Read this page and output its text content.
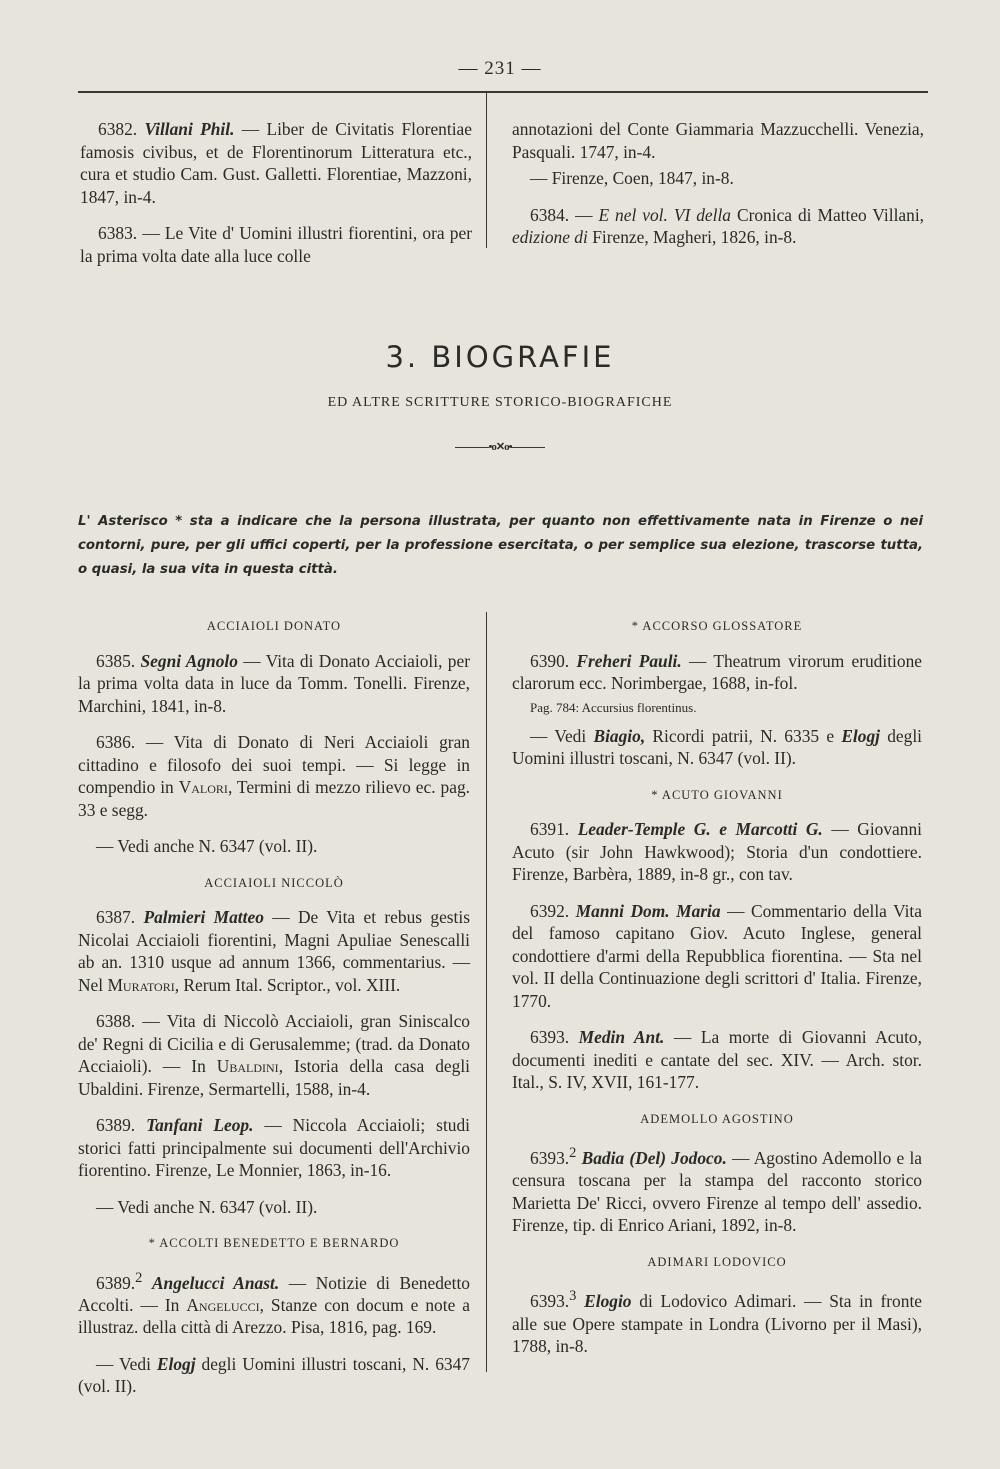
— 231 —

6382. Villani Phil. — Liber de Civitatis Florentiae famosis civibus, et de Florentinorum Litteratura etc., cura et studio Cam. Gust. Galletti. Florentiae, Mazzoni, 1847, in-4.

6383. — Le Vite d' Uomini illustri fiorentini, ora per la prima volta date alla luce colle

annotazioni del Conte Giammaria Mazzucchelli. Venezia, Pasquali. 1747, in-4.

— Firenze, Coen, 1847, in-8.

6384. — E nel vol. VI della Cronica di Matteo Villani, edizione di Firenze, Magheri, 1826, in-8.

3. BIOGRAFIE
ED ALTRE SCRITTURE STORICO-BIOGRAFICHE
•o✕o•
L' Asterisco * sta a indicare che la persona illustrata, per quanto non effettivamente nata in Firenze o nei contorni, pure, per gli uffici coperti, per la professione esercitata, o per semplice sua elezione, trascorse tutta, o quasi, la sua vita in questa città.
ACCIAIOLI DONATO

6385. Segni Agnolo — Vita di Donato Acciaioli, per la prima volta data in luce da Tomm. Tonelli. Firenze, Marchini, 1841, in-8.

6386. — Vita di Donato di Neri Acciaioli gran cittadino e filosofo dei suoi tempi. — Si legge in compendio in Valori, Termini di mezzo rilievo ec. pag. 33 e segg.

— Vedi anche N. 6347 (vol. II).

ACCIAIOLI NICCOLÒ

6387. Palmieri Matteo — De Vita et rebus gestis Nicolai Acciaioli fiorentini, Magni Apuliae Senescalli ab an. 1310 usque ad annum 1366, commentarius. — Nel Muratori, Rerum Ital. Scriptor., vol. XIII.

6388. — Vita di Niccolò Acciaioli, gran Siniscalco de' Regni di Cicilia e di Gerusalemme; (trad. da Donato Acciaioli). — In Ubaldini, Istoria della casa degli Ubaldini. Firenze, Sermartelli, 1588, in-4.

6389. Tanfani Leop. — Niccola Acciaioli; studi storici fatti principalmente sui documenti dell'Archivio fiorentino. Firenze, Le Monnier, 1863, in-16.

— Vedi anche N. 6347 (vol. II).

* ACCOLTI BENEDETTO E BERNARDO

6389.$^2$ Angelucci Anast. — Notizie di Benedetto Accolti. — In Angelucci, Stanze con docum e note a illustraz. della città di Arezzo. Pisa, 1816, pag. 169.

— Vedi Elogj degli Uomini illustri toscani, N. 6347 (vol. II).

* ACCORSO GLOSSATORE

6390. Freheri Pauli. — Theatrum virorum eruditione clarorum ecc. Norimbergae, 1688, in-fol.

Pag. 784: Accursius florentinus.

— Vedi Biagio, Ricordi patrii, N. 6335 e Elogj degli Uomini illustri toscani, N. 6347 (vol. II).

* ACUTO GIOVANNI

6391. Leader-Temple G. e Marcotti G. — Giovanni Acuto (sir John Hawkwood); Storia d'un condottiere. Firenze, Barbèra, 1889, in-8 gr., con tav.

6392. Manni Dom. Maria — Commentario della Vita del famoso capitano Giov. Acuto Inglese, general condottiere d'armi della Repubblica fiorentina. — Sta nel vol. II della Continuazione degli scrittori d' Italia. Firenze, 1770.

6393. Medin Ant. — La morte di Giovanni Acuto, documenti inediti e cantate del sec. XIV. — Arch. stor. Ital., S. IV, XVII, 161-177.

ADEMOLLO AGOSTINO

6393.$^2$ Badia (Del) Jodoco. — Agostino Ademollo e la censura toscana per la stampa del racconto storico Marietta De' Ricci, ovvero Firenze al tempo dell' assedio. Firenze, tip. di Enrico Ariani, 1892, in-8.

ADIMARI LODOVICO

6393.$^3$ Elogio di Lodovico Adimari. — Sta in fronte alle sue Opere stampate in Londra (Livorno per il Masi), 1788, in-8.
